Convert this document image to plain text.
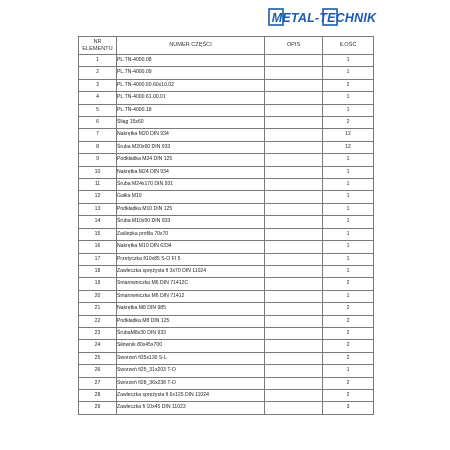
METAL-TECHNIK
NR
ELEMENTU	NUMER CZĘŚCI	OPIS	ILOŚĆ
1	PL.TN-4000.08		1
2	PL.TN-4000.09		1
3	PL.TN-4000.60.60x10.02		2
4	PL.TN-4000.61.00.01		1
5	PL.TN-4000.18		1
6	Śliąg 15x60		2
7	Nakrętka M20 DIN 934		12
8	Śruba M20x60 DIN 933		12
9	Podkładka M24 DIN 125		1
10	Nakrętka M24 DIN 934		1
11	Śruba M24x170 DIN 931		1
12	Gałka M10		1
13	Podkładka M10 DIN 125		1
14	Śruba M10x50 DIN 933		1
15	Zaślepka profila 70x70		1
16	Nakrętka M10 DIN 6334		1
17	Przetyczka fi10x85 S-O FI 5		1
18	Zawleczka sprężysta fi 3x70 DIN 11024		1
19	Smarowniczka M6 DIN 71412C		2
20	Smarowniczka M6 DIN 71412		1
21	Nakrętka M8 DIN 985		2
22	Podkładka M8 DIN 125		2
23	ŚrubaM8x30 DIN 933		2
24	Siłownik 80x45x700		2
25	Sworzeń fi35x130 S-L		2
26	Sworzeń fi25_31x203 T-O		1
27	Sworzeń fi28_36x238 T-O		2
28	Zawleczka sprężysta fi 6x125 DIN 11024		2
29	Zawleczka fi 10x45 DIN 11023		3
